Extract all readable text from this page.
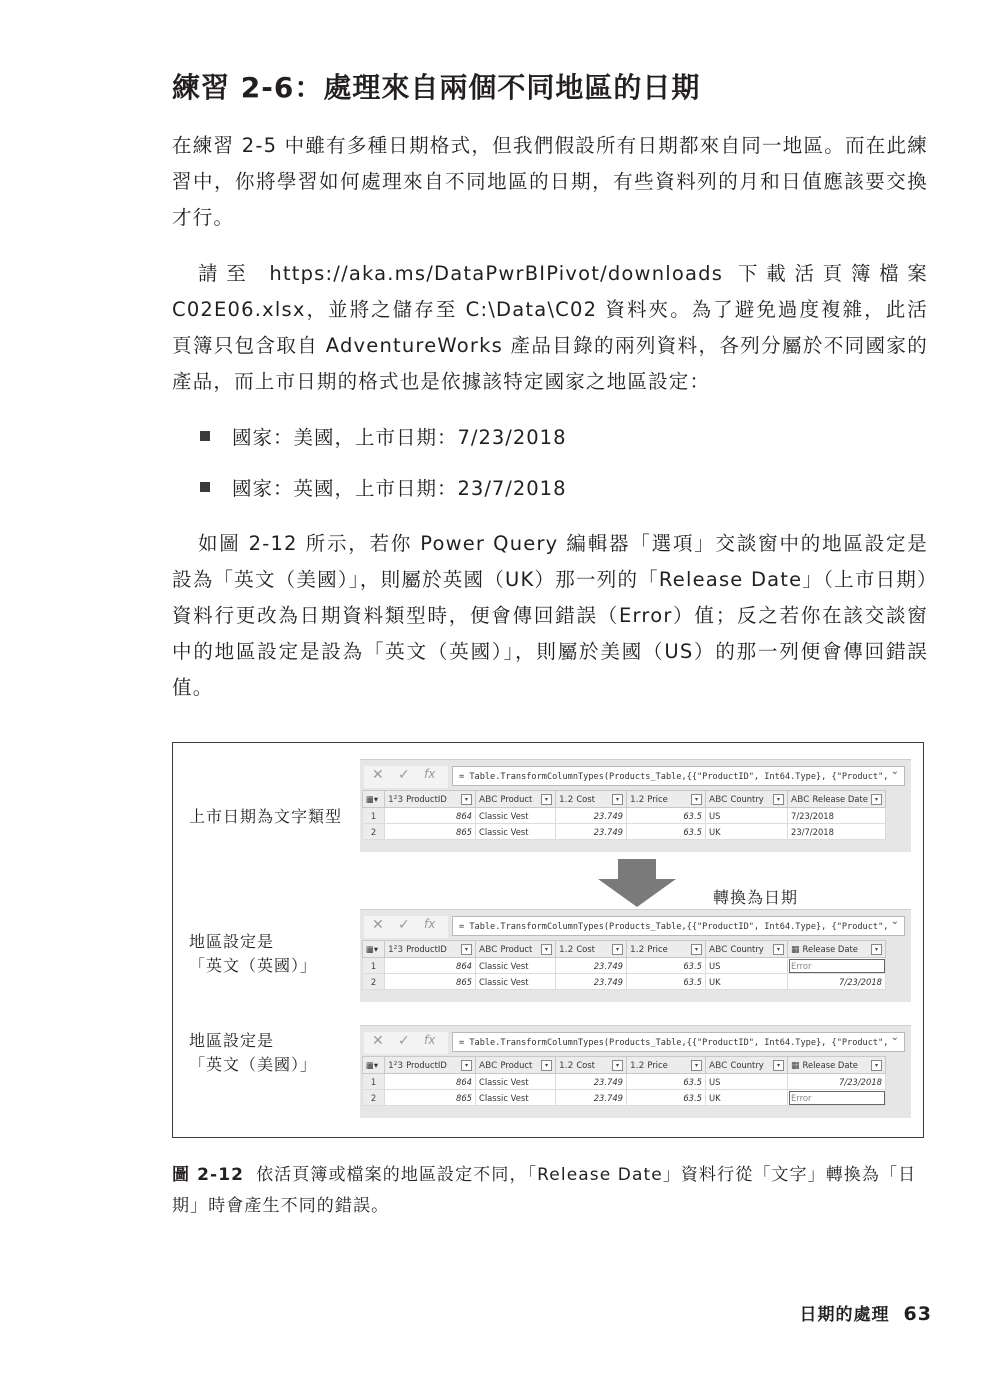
練習 2-6：處理來自兩個不同地區的日期

在練習 2-5 中雖有多種日期格式，但我們假設所有日期都來自同一地區。而在此練習中，你將學習如何處理來自不同地區的日期，有些資料列的月和日值應該要交換才行。

請至 https://aka.ms/DataPwrBIPivot/downloads 下載活頁簿檔案 C02E06.xlsx，並將之儲存至 C:\Data\C02 資料夾。為了避免過度複雜，此活頁簿只包含取自 AdventureWorks 產品目錄的兩列資料，各列分屬於不同國家的產品，而上市日期的格式也是依據該特定國家之地區設定：

國家：美國，上市日期：7/23/2018
國家：英國，上市日期：23/7/2018

如圖 2-12 所示，若你 Power Query 編輯器「選項」交談窗中的地區設定是設為「英文（美國）」，則屬於英國（UK）那一列的「Release Date」（上市日期）資料行更改為日期資料類型時，便會傳回錯誤（Error）值；反之若你在該交談窗中的地區設定是設為「英文（英國）」，則屬於美國（US）的那一列便會傳回錯誤值。

上市日期為文字類型
轉換為日期
地區設定是
「英文（英國）」
地區設定是
「英文（美國）」
✕ ✓ fx	= Table.TransformColumnTypes(Products_Table,{{"ProductID", Int64.Type}, {"Product", ⌄
▦▾	1²3 ProductID ▾	ABC Product ▾	1.2 Cost ▾	1.2 Price ▾	ABC Country ▾	ABC Release Date ▾

1	864	Classic Vest	23.749	63.5	US	7/23/2018
2	865	Classic Vest	23.749	63.5	UK	23/7/2018
✕ ✓ fx	= Table.TransformColumnTypes(Products_Table,{{"ProductID", Int64.Type}, {"Product", ⌄
▦▾	1²3 ProductID ▾	ABC Product ▾	1.2 Cost ▾	1.2 Price ▾	ABC Country ▾	▦ Release Date ▾

1	864	Classic Vest	23.749	63.5	US	Error
2	865	Classic Vest	23.749	63.5	UK	7/23/2018
✕ ✓ fx	= Table.TransformColumnTypes(Products_Table,{{"ProductID", Int64.Type}, {"Product", ⌄
▦▾	1²3 ProductID ▾	ABC Product ▾	1.2 Cost ▾	1.2 Price ▾	ABC Country ▾	▦ Release Date ▾

1	864	Classic Vest	23.749	63.5	US	7/23/2018
2	865	Classic Vest	23.749	63.5	UK	Error

圖 2-12 依活頁簿或檔案的地區設定不同，「Release Date」資料行從「文字」轉換為「日期」時會產生不同的錯誤。

日期的處理 63
